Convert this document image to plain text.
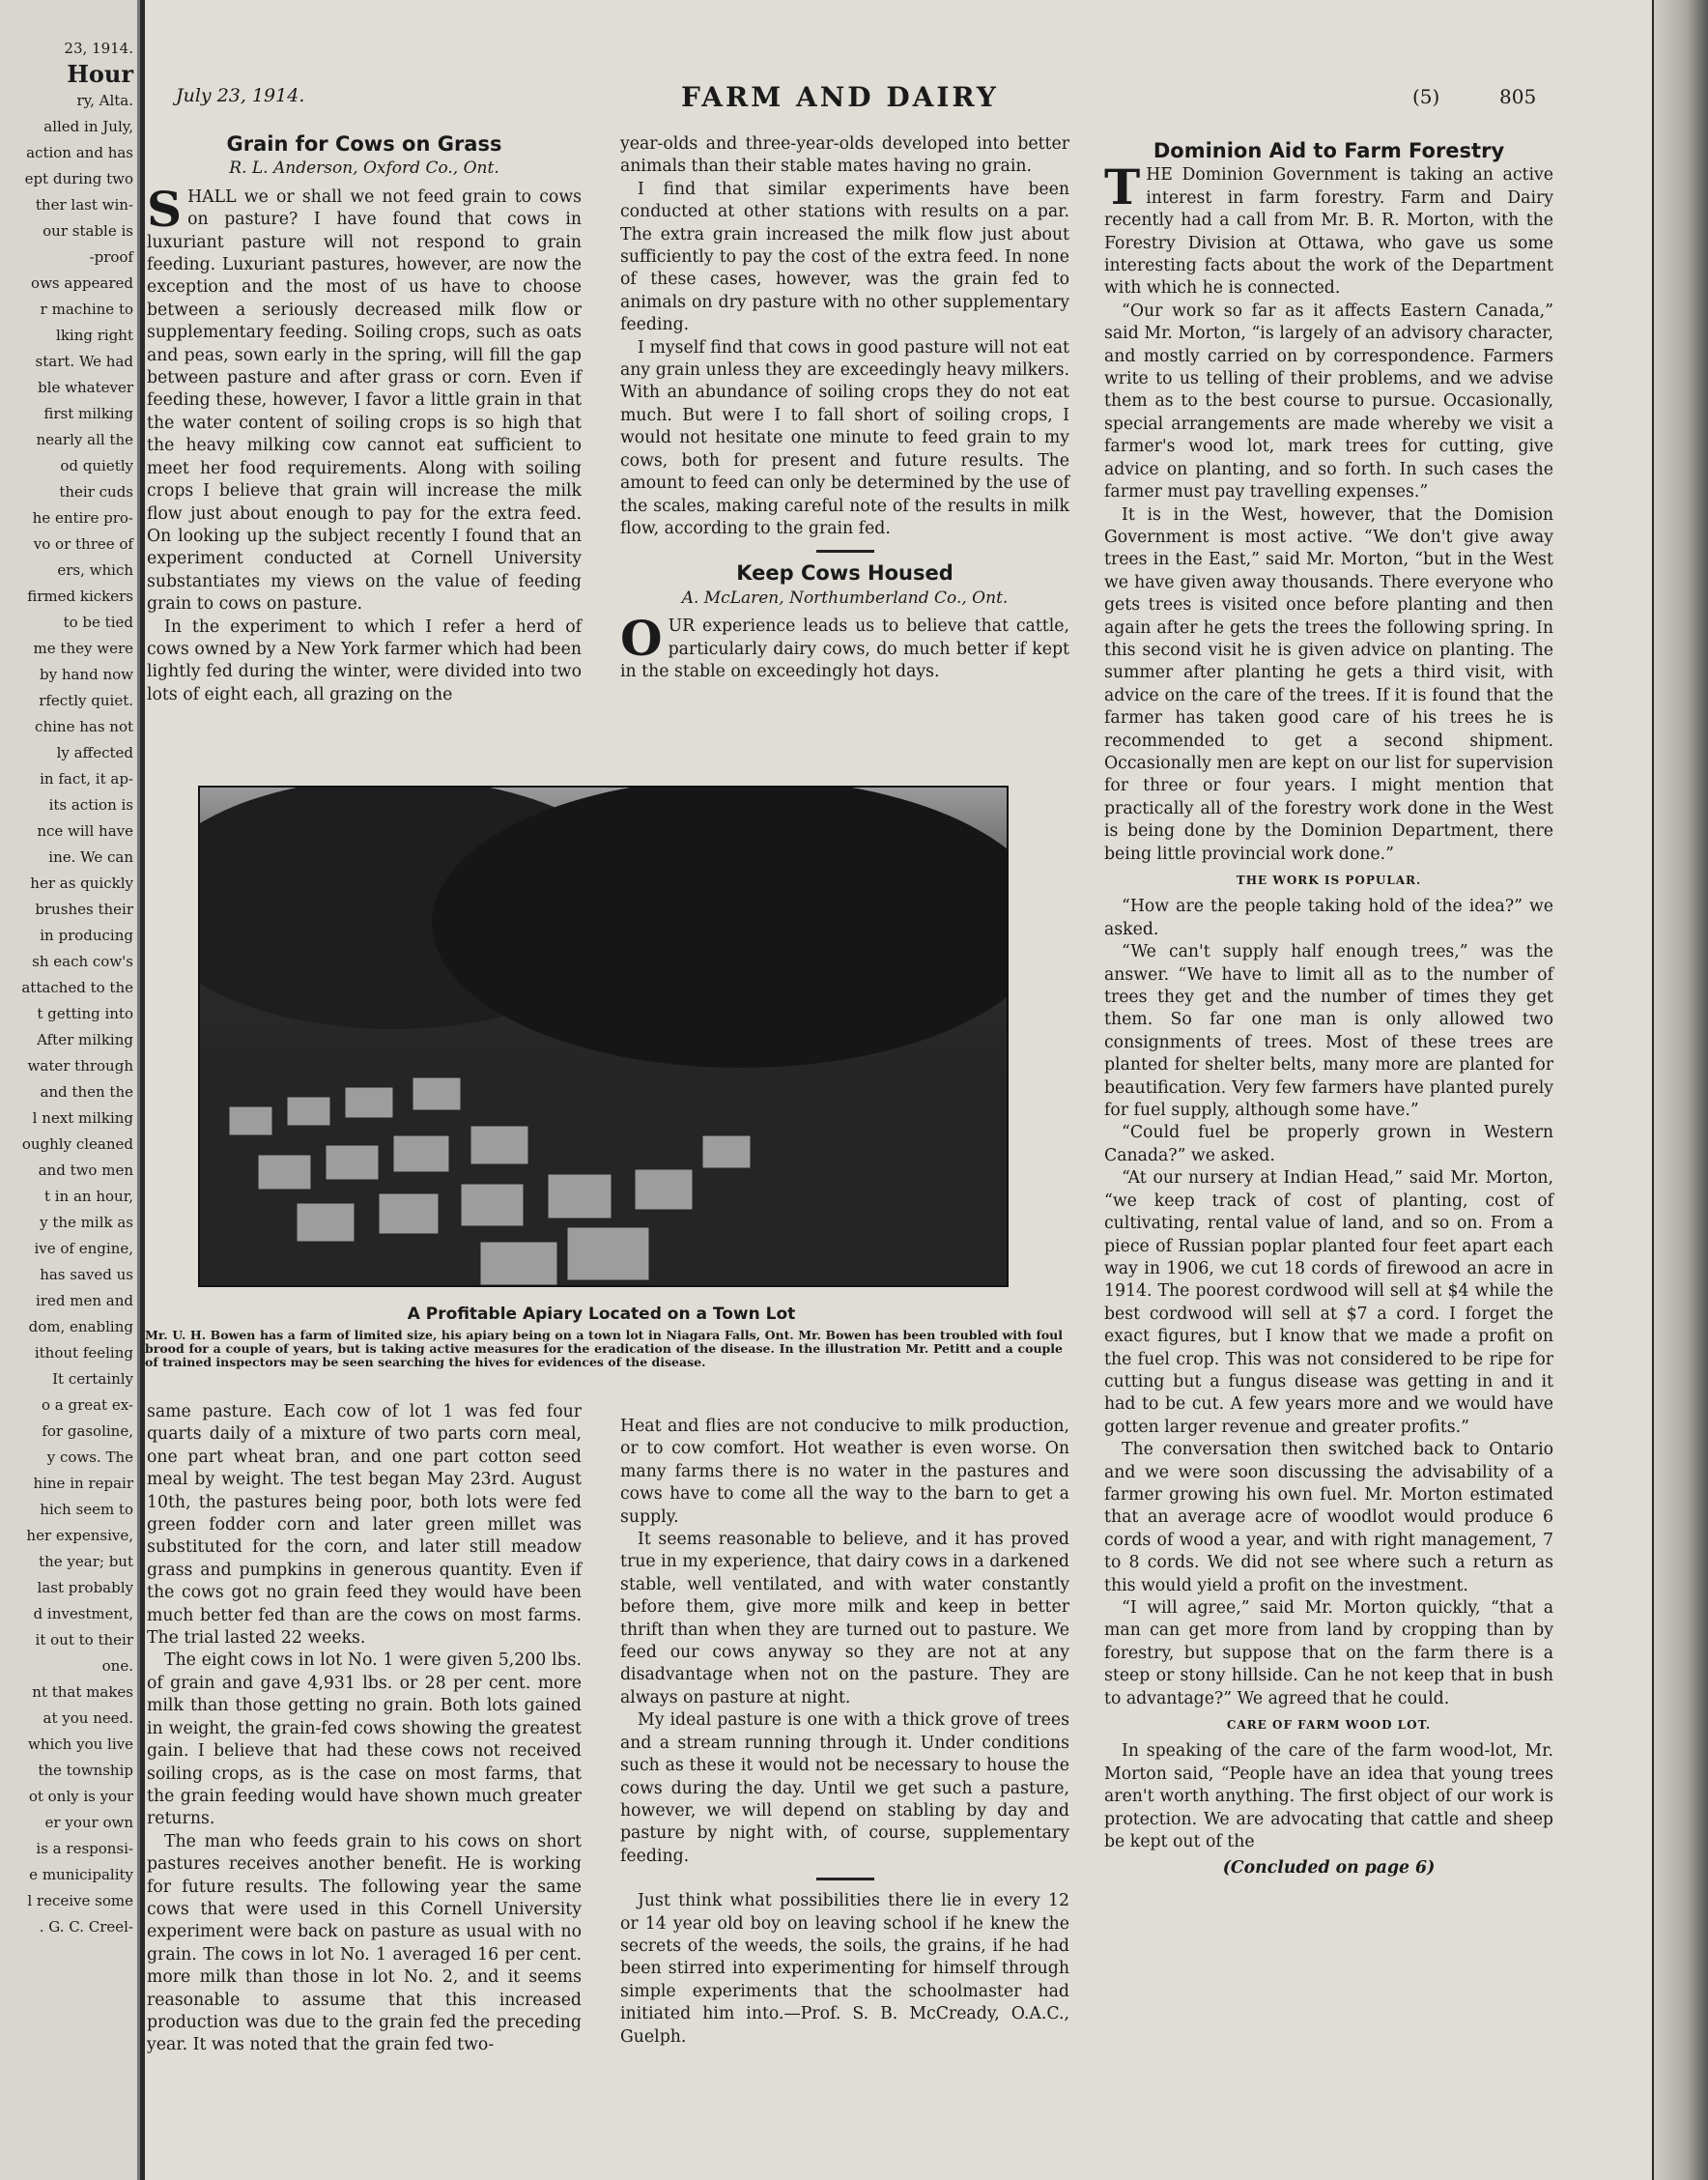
23, 1914.
Hour
ry, Alta.
alled in July,
action and has
ept during two
ther last win-
our stable is
-proof
ows appeared
r machine to
lking right
start. We had
ble whatever
first milking
nearly all the
od quietly
their cuds
he entire pro-
vo or three of
ers, which
firmed kickers
to be tied
me they were
by hand now
rfectly quiet.
chine has not
ly affected
in fact, it ap-
its action is
nce will have
ine. We can
her as quickly
brushes their
in producing
sh each cow's
attached to the
t getting into
After milking
water through
and then the
l next milking
oughly cleaned
and two men
t in an hour,
y the milk as
ive of engine,
has saved us
ired men and
dom, enabling
ithout feeling
It certainly
o a great ex-
for gasoline,
y cows. The
hine in repair
hich seem to
her expensive,
the year; but
last probably
d investment,
it out to their
one.
nt that makes
at you need.
which you live
the township
ot only is your
er your own
is a responsi-
e municipality
l receive some
. G. C. Creel-
July 23, 1914.	FARM AND DAIRY	(5)	805
Grain for Cows on Grass
R. L. Anderson, Oxford Co., Ont.

SHALL we or shall we not feed grain to cows on pasture? I have found that cows in luxuriant pasture will not respond to grain feeding. Luxuriant pastures, however, are now the exception and the most of us have to choose between a seriously decreased milk flow or supplementary feeding. Soiling crops, such as oats and peas, sown early in the spring, will fill the gap between pasture and after grass or corn. Even if feeding these, however, I favor a little grain in that the water content of soiling crops is so high that the heavy milking cow cannot eat sufficient to meet her food requirements. Along with soiling crops I believe that grain will increase the milk flow just about enough to pay for the extra feed. On looking up the subject recently I found that an experiment conducted at Cornell University substantiates my views on the value of feeding grain to cows on pasture.

In the experiment to which I refer a herd of cows owned by a New York farmer which had been lightly fed during the winter, were divided into two lots of eight each, all grazing on the

year-olds and three-year-olds developed into better animals than their stable mates having no grain.

I find that similar experiments have been conducted at other stations with results on a par. The extra grain increased the milk flow just about sufficiently to pay the cost of the extra feed. In none of these cases, however, was the grain fed to animals on dry pasture with no other supplementary feeding.

I myself find that cows in good pasture will not eat any grain unless they are exceedingly heavy milkers. With an abundance of soiling crops they do not eat much. But were I to fall short of soiling crops, I would not hesitate one minute to feed grain to my cows, both for present and future results. The amount to feed can only be determined by the use of the scales, making careful note of the results in milk flow, according to the grain fed.

Keep Cows Housed
A. McLaren, Northumberland Co., Ont.

OUR experience leads us to believe that cattle, particularly dairy cows, do much better if kept in the stable on exceedingly hot days.

A Profitable Apiary Located on a Town Lot
Mr. U. H. Bowen has a farm of limited size, his apiary being on a town lot in Niagara Falls, Ont. Mr. Bowen has been troubled with foul brood for a couple of years, but is taking active measures for the eradication of the disease. In the illustration Mr. Petitt and a couple of trained inspectors may be seen searching the hives for evidences of the disease.

same pasture. Each cow of lot 1 was fed four quarts daily of a mixture of two parts corn meal, one part wheat bran, and one part cotton seed meal by weight. The test began May 23rd. August 10th, the pastures being poor, both lots were fed green fodder corn and later green millet was substituted for the corn, and later still meadow grass and pumpkins in generous quantity. Even if the cows got no grain feed they would have been much better fed than are the cows on most farms. The trial lasted 22 weeks.

The eight cows in lot No. 1 were given 5,200 lbs. of grain and gave 4,931 lbs. or 28 per cent. more milk than those getting no grain. Both lots gained in weight, the grain-fed cows showing the greatest gain. I believe that had these cows not received soiling crops, as is the case on most farms, that the grain feeding would have shown much greater returns.

The man who feeds grain to his cows on short pastures receives another benefit. He is working for future results. The following year the same cows that were used in this Cornell University experiment were back on pasture as usual with no grain. The cows in lot No. 1 averaged 16 per cent. more milk than those in lot No. 2, and it seems reasonable to assume that this increased production was due to the grain fed the preceding year. It was noted that the grain fed two-

Heat and flies are not conducive to milk production, or to cow comfort. Hot weather is even worse. On many farms there is no water in the pastures and cows have to come all the way to the barn to get a supply.

It seems reasonable to believe, and it has proved true in my experience, that dairy cows in a darkened stable, well ventilated, and with water constantly before them, give more milk and keep in better thrift than when they are turned out to pasture. We feed our cows anyway so they are not at any disadvantage when not on the pasture. They are always on pasture at night.

My ideal pasture is one with a thick grove of trees and a stream running through it. Under conditions such as these it would not be necessary to house the cows during the day. Until we get such a pasture, however, we will depend on stabling by day and pasture by night with, of course, supplementary feeding.

Just think what possibilities there lie in every 12 or 14 year old boy on leaving school if he knew the secrets of the weeds, the soils, the grains, if he had been stirred into experimenting for himself through simple experiments that the schoolmaster had initiated him into.—Prof. S. B. McCready, O.A.C., Guelph.

Dominion Aid to Farm Forestry

THE Dominion Government is taking an active interest in farm forestry. Farm and Dairy recently had a call from Mr. B. R. Morton, with the Forestry Division at Ottawa, who gave us some interesting facts about the work of the Department with which he is connected.

“Our work so far as it affects Eastern Canada,” said Mr. Morton, “is largely of an advisory character, and mostly carried on by correspondence. Farmers write to us telling of their problems, and we advise them as to the best course to pursue. Occasionally, special arrangements are made whereby we visit a farmer's wood lot, mark trees for cutting, give advice on planting, and so forth. In such cases the farmer must pay travelling expenses.”

It is in the West, however, that the Domision Government is most active. “We don't give away trees in the East,” said Mr. Morton, “but in the West we have given away thousands. There everyone who gets trees is visited once before planting and then again after he gets the trees the following spring. In this second visit he is given advice on planting. The summer after planting he gets a third visit, with advice on the care of the trees. If it is found that the farmer has taken good care of his trees he is recommended to get a second shipment. Occasionally men are kept on our list for supervision for three or four years. I might mention that practically all of the forestry work done in the West is being done by the Dominion Department, there being little provincial work done.”

THE WORK IS POPULAR.

“How are the people taking hold of the idea?” we asked.

“We can't supply half enough trees,” was the answer. “We have to limit all as to the number of trees they get and the number of times they get them. So far one man is only allowed two consignments of trees. Most of these trees are planted for shelter belts, many more are planted for beautification. Very few farmers have planted purely for fuel supply, although some have.”

“Could fuel be properly grown in Western Canada?” we asked.

“At our nursery at Indian Head,” said Mr. Morton, “we keep track of cost of planting, cost of cultivating, rental value of land, and so on. From a piece of Russian poplar planted four feet apart each way in 1906, we cut 18 cords of firewood an acre in 1914. The poorest cordwood will sell at $4 while the best cordwood will sell at $7 a cord. I forget the exact figures, but I know that we made a profit on the fuel crop. This was not considered to be ripe for cutting but a fungus disease was getting in and it had to be cut. A few years more and we would have gotten larger revenue and greater profits.”

The conversation then switched back to Ontario and we were soon discussing the advisability of a farmer growing his own fuel. Mr. Morton estimated that an average acre of woodlot would produce 6 cords of wood a year, and with right management, 7 to 8 cords. We did not see where such a return as this would yield a profit on the investment.

“I will agree,” said Mr. Morton quickly, “that a man can get more from land by cropping than by forestry, but suppose that on the farm there is a steep or stony hillside. Can he not keep that in bush to advantage?” We agreed that he could.

CARE OF FARM WOOD LOT.

In speaking of the care of the farm wood-lot, Mr. Morton said, “People have an idea that young trees aren't worth anything. The first object of our work is protection. We are advocating that cattle and sheep be kept out of the

(Concluded on page 6)
